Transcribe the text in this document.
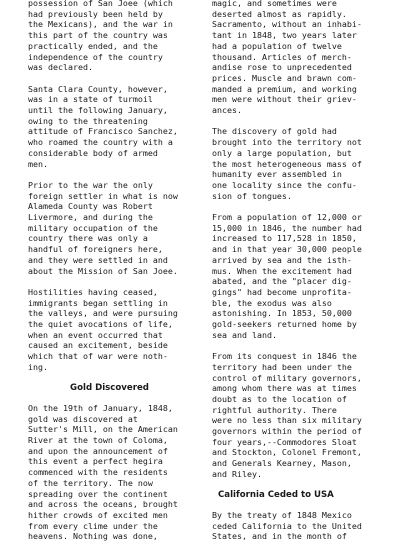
possession of San Joee (which
had previously been held by
the Mexicans), and the war in
this part of the country was
practically ended, and the
independence of the country
was declared.

Santa Clara County, however,
was in a state of turmoil
until the following January,
owing to the threatening
attitude of Francisco Sanchez,
who roamed the country with a
considerable body of armed
men.

Prior to the war the only
foreign settler in what is now
Alameda County was Robert
Livermore, and during the
military occupation of the
country there was only a
handful of foreigners here,
and they were settled in and
about the Mission of San Joee.

Hostilities having ceased,
immigrants began settling in
the valleys, and were pursuing
the quiet avocations of life,
when an event occurred that
caused an excitement, beside
which that of war were noth-
ing.

Gold Discovered

On the 19th of January, 1848,
gold was discovered at
Sutter's Mill, on the American
River at the town of Coloma,
and upon the announcement of
this event a perfect hegira
commenced with the residents
of the territory. The now
spreading over the continent
and across the oceans, brought
hither crowds of excited men
from every clime under the
heavens. Nothing was done,

magic, and sometimes were
deserted almost as rapidly.
Sacramento, without an inhabi-
tant in 1848, two years later
had a population of twelve
thousand. Articles of merch-
andise rose to unprecedented
prices. Muscle and brawn com-
manded a premium, and working
men were without their griev-
ances.

The discovery of gold had
brought into the territory not
only a large population, but
the most heterogeneous mass of
humanity ever assembled in
one locality since the confu-
sion of tongues.

From a population of 12,000 or
15,000 in 1846, the number had
increased to 117,528 in 1850,
and in that year 30,000 people
arrived by sea and the isth-
mus. When the excitement had
abated, and the "placer dig-
gings" had become unprofita-
ble, the exodus was also
astonishing. In 1853, 50,000
gold-seekers returned home by
sea and land.

From its conquest in 1846 the
territory had been under the
control of military governors,
among whom there was at times
doubt as to the location of
rightful authority. There
were no less than six military
governors within the period of
four years,--Commodores Sloat
and Stockton, Colonel Fremont,
and Generals Kearney, Mason,
and Riley.

California Ceded to USA

By the treaty of 1848 Mexico
ceded California to the United
States, and in the month of
